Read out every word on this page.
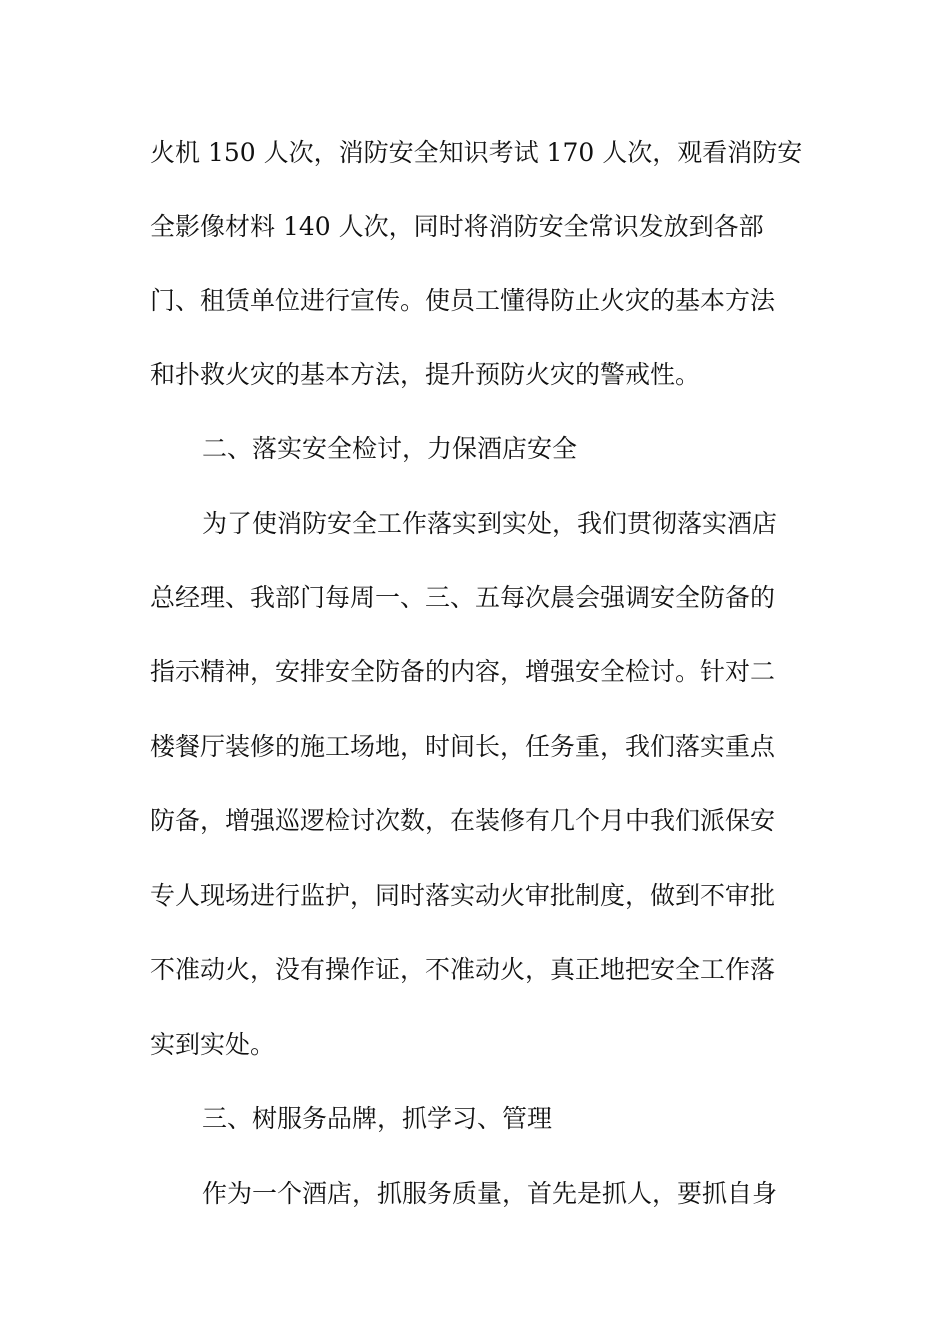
火机 150 人次，消防安全知识考试 170 人次，观看消防安
全影像材料 140 人次，同时将消防安全常识发放到各部
门、租赁单位进行宣传。使员工懂得防止火灾的基本方法
和扑救火灾的基本方法，提升预防火灾的警戒性。
二、落实安全检讨，力保酒店安全
为了使消防安全工作落实到实处，我们贯彻落实酒店
总经理、我部门每周一、三、五每次晨会强调安全防备的
指示精神，安排安全防备的内容，增强安全检讨。针对二
楼餐厅装修的施工场地，时间长，任务重，我们落实重点
防备，增强巡逻检讨次数，在装修有几个月中我们派保安
专人现场进行监护，同时落实动火审批制度，做到不审批
不准动火，没有操作证，不准动火，真正地把安全工作落
实到实处。
三、树服务品牌，抓学习、管理
作为一个酒店，抓服务质量，首先是抓人，要抓自身
